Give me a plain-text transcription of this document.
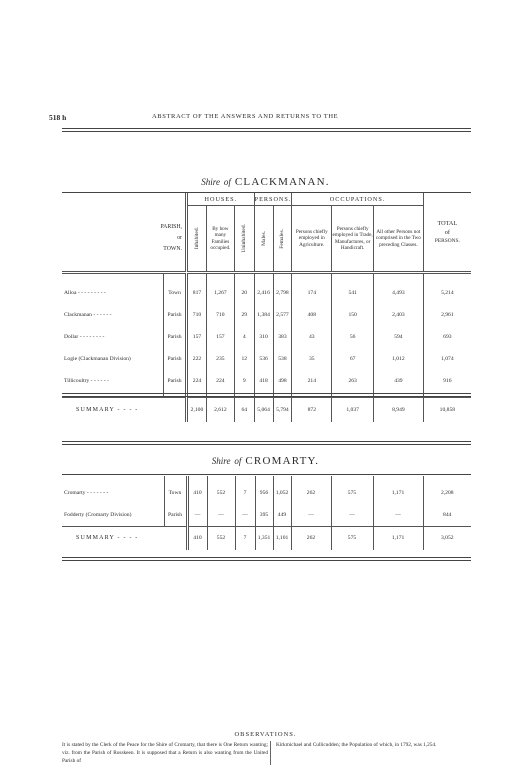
518 h	ABSTRACT OF THE ANSWERS AND RETURNS TO THE
Shire of CLACKMANAN.
		HOUSES.			PERSONS.		OCCUPATIONS.			TOTAL
of
PERSONS.

PARISH,
or
TOWN.		Inhabited.	By how many Families occupied.	Uninhabited.	Males.	Females.	Persons chiefly employed in Agriculture.	Persons chiefly employed in Trade, Manufactures, or Handicraft.	All other Persons not comprised in the Two preceding Classes.	

Alloa - - - - - - - - -	Town	817	1,267	20	2,416	2,798	174	541	4,493	5,214
Clackmanan - - - - - -	Parish	710	710	29	1,384	2,577	408	150	2,403	2,961
Dollar - - - - - - - -	Parish	157	157	4	310	383	43	56	594	693
Logie (Clackmanan Division)	Parish	222	235	12	536	538	35	67	1,012	1,074
Tillicoultry - - - - - -	Parish	224	224	9	418	498	214	263	439	916

SUMMARY - - - -		2,100	2,612	64	5,064	5,794	872	1,037	8,949	10,858
Shire of CROMARTY.

Cromarty - - - - - - -	Town	410	552	7	956	1,052	262	575	1,171	2,208
Fodderty (Cromarty Division)	Parish	—	—	—	395	449	—	—	—	844
SUMMARY - - - -		410	552	7	1,351	1,101	262	575	1,171	3,052
OBSERVATIONS.
It is stated by the Clerk of the Peace for the Shire of Cromarty, that there is One Return wanting; viz. from the Parish of Rosskeen. It is supposed that a Return is also wanting from the United Parish of
Kirkmichael and Cullicudden; the Population of which, in 1792, was 1,254.
